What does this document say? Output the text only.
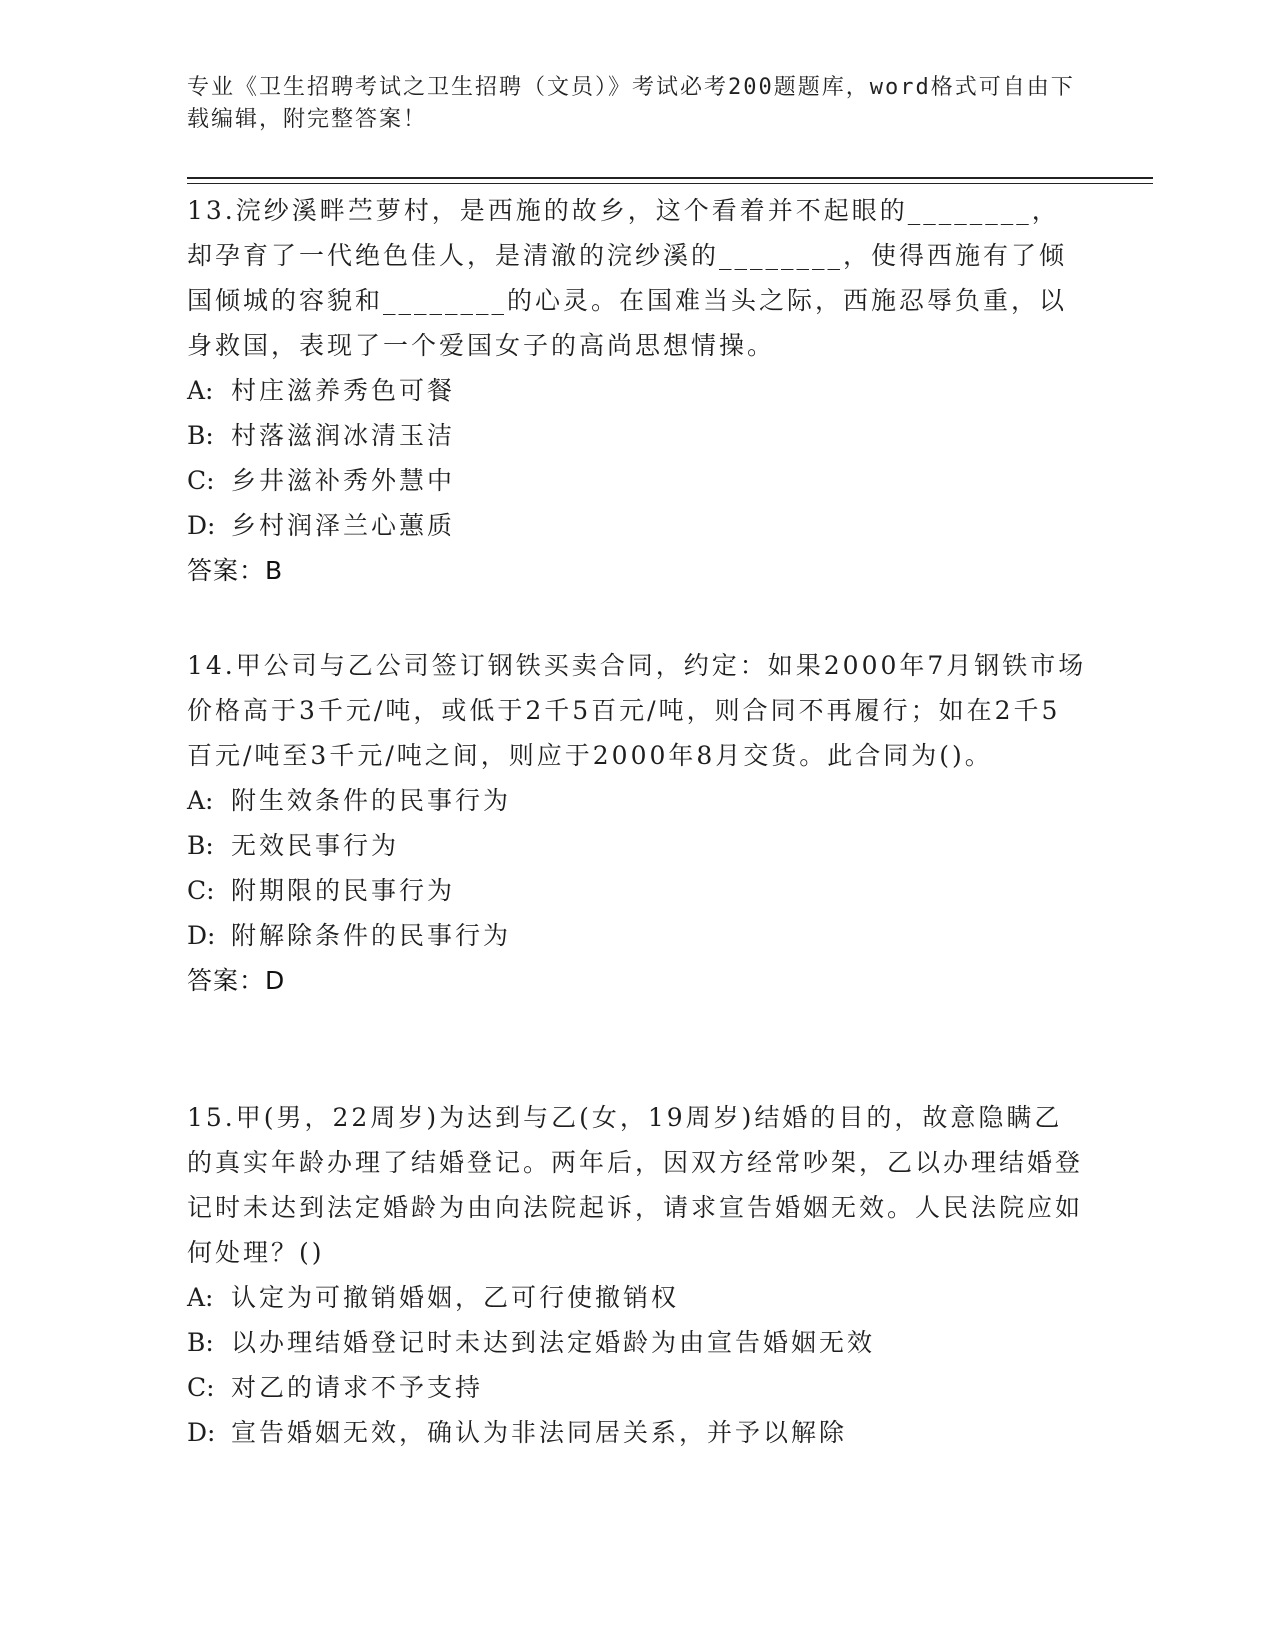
专业《卫生招聘考试之卫生招聘（文员）》考试必考200题题库，word格式可自由下载编辑，附完整答案！

13.浣纱溪畔苎萝村，是西施的故乡，这个看着并不起眼的________，却孕育了一代绝色佳人，是清澈的浣纱溪的________，使得西施有了倾国倾城的容貌和________的心灵。在国难当头之际，西施忍辱负重，以身救国，表现了一个爱国女子的高尚思想情操。

A: 村庄滋养秀色可餐
B: 村落滋润冰清玉洁
C: 乡井滋补秀外慧中
D: 乡村润泽兰心蕙质

答案：B

14.甲公司与乙公司签订钢铁买卖合同，约定：如果2000年7月钢铁市场价格高于3千元/吨，或低于2千5百元/吨，则合同不再履行；如在2千5百元/吨至3千元/吨之间，则应于2000年8月交货。此合同为()。

A: 附生效条件的民事行为
B: 无效民事行为
C: 附期限的民事行为
D: 附解除条件的民事行为

答案：D

15.甲(男，22周岁)为达到与乙(女，19周岁)结婚的目的，故意隐瞒乙的真实年龄办理了结婚登记。两年后，因双方经常吵架，乙以办理结婚登记时未达到法定婚龄为由向法院起诉，请求宣告婚姻无效。人民法院应如何处理？()

A: 认定为可撤销婚姻，乙可行使撤销权
B: 以办理结婚登记时未达到法定婚龄为由宣告婚姻无效
C: 对乙的请求不予支持
D: 宣告婚姻无效，确认为非法同居关系，并予以解除
